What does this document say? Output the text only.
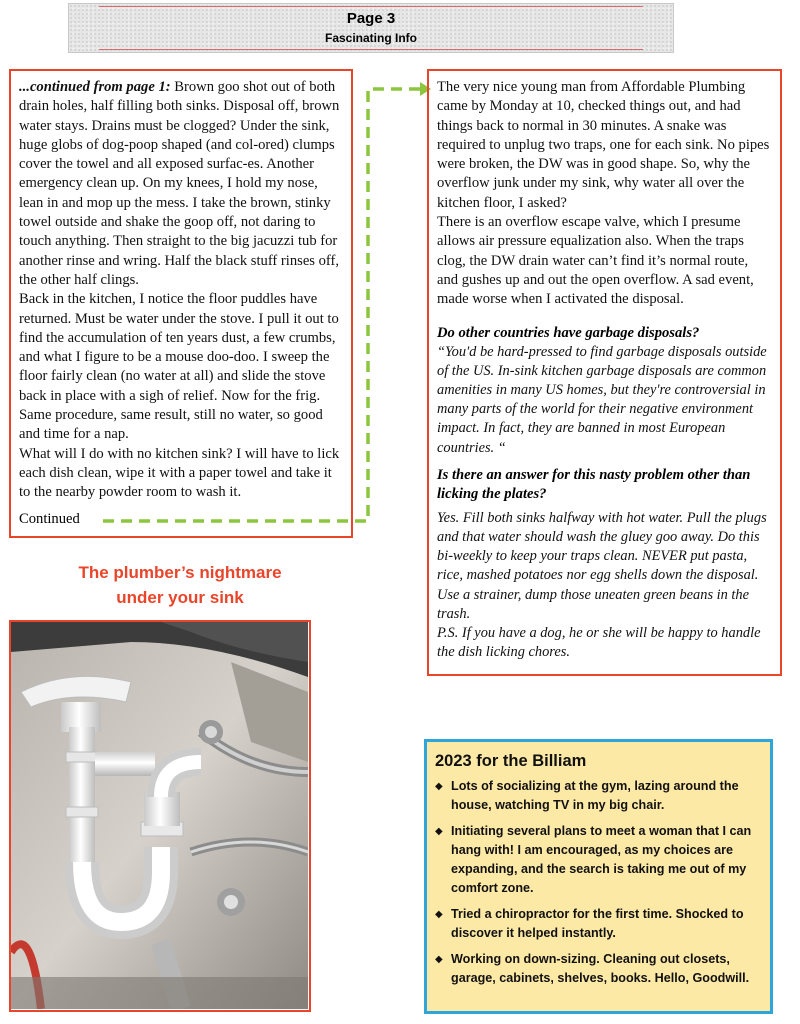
Page 3
Fascinating Info

...continued from page 1: Brown goo shot out of both drain holes, half filling both sinks. Disposal off, brown water stays. Drains must be clogged? Under the sink, huge globs of dog-poop shaped (and col-ored) clumps cover the towel and all exposed surfac-es. Another emergency clean up. On my knees, I hold my nose, lean in and mop up the mess. I take the brown, stinky towel outside and shake the goop off, not daring to touch anything. Then straight to the big jacuzzi tub for another rinse and wring. Half the black stuff rinses off, the other half clings.

Back in the kitchen, I notice the floor puddles have returned. Must be water under the stove. I pull it out to find the accumulation of ten years dust, a few crumbs, and what I figure to be a mouse doo-doo. I sweep the floor fairly clean (no water at all) and slide the stove back in place with a sigh of relief. Now for the frig. Same procedure, same result, still no water, so good and time for a nap.

What will I do with no kitchen sink? I will have to lick each dish clean, wipe it with a paper towel and take it to the nearby powder room to wash it.

Continued

The very nice young man from Affordable Plumbing came by Monday at 10, checked things out, and had things back to normal in 30 minutes. A snake was required to unplug two traps, one for each sink. No pipes were broken, the DW was in good shape. So, why the overflow junk under my sink, why water all over the kitchen floor, I asked?

There is an overflow escape valve, which I presume allows air pressure equalization also. When the traps clog, the DW drain water can’t find it’s normal route, and gushes up and out the open overflow. A sad event, made worse when I activated the disposal.

Do other countries have garbage disposals?

“You'd be hard-pressed to find garbage disposals outside of the US. In-sink kitchen garbage disposals are common amenities in many US homes, but they're controversial in many parts of the world for their negative environment impact. In fact, they are banned in most European countries. “

Is there an answer for this nasty problem other than licking the plates?

Yes. Fill both sinks halfway with hot water. Pull the plugs and that water should wash the gluey goo away. Do this bi-weekly to keep your traps clean. NEVER put pasta, rice, mashed potatoes nor egg shells down the disposal. Use a strainer, dump those uneaten green beans in the trash.

P.S. If you have a dog, he or she will be happy to handle the dish licking chores.

The plumber’s nightmare
under your sink
2023 for the Billiam
◆ Lots of socializing at the gym, lazing around the house, watching TV in my big chair.
◆ Initiating several plans to meet a woman that I can hang with! I am encouraged, as my choices are expanding, and the search is taking me out of my comfort zone.
◆ Tried a chiropractor for the first time. Shocked to discover it helped instantly.
◆ Working on down-sizing. Cleaning out closets, garage, cabinets, shelves, books. Hello, Goodwill.
